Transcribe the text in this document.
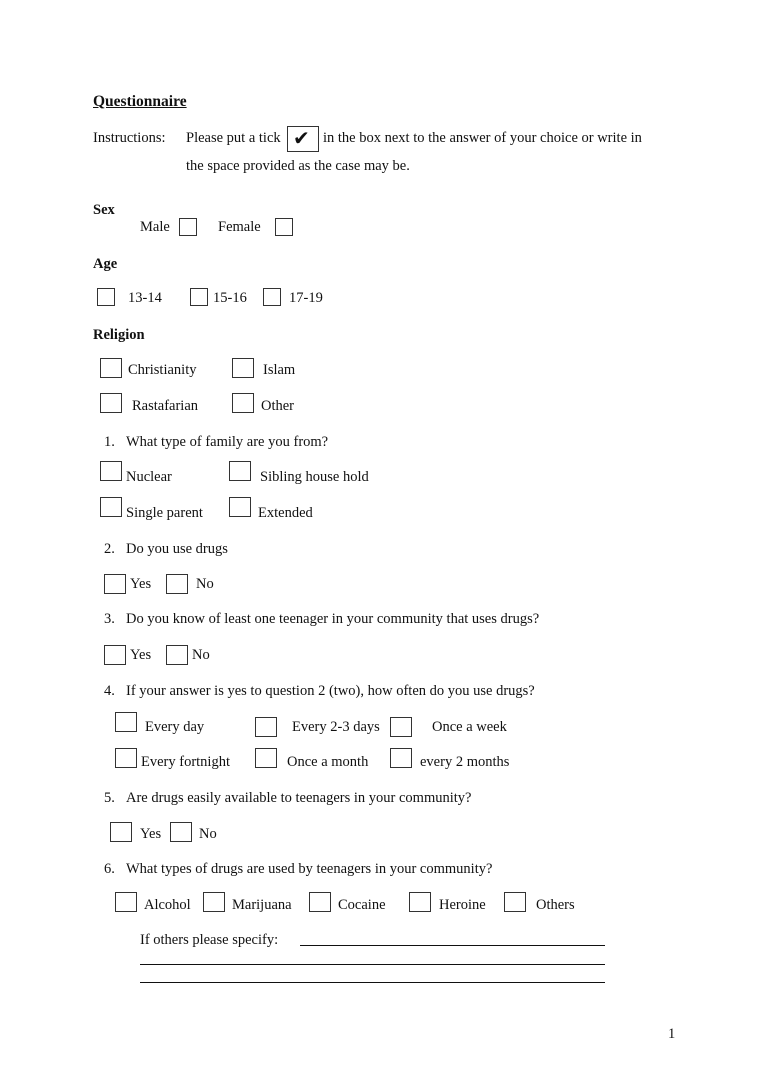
Questionnaire
Instructions: Please put a tick ✔ in the box next to the answer of your choice or write in
the space provided as the case may be.
Sex
Male	Female
Age
13-14	15-16	17-19
Religion
Christianity	Islam
Rastafarian	Other
1. What type of family are you from?
Nuclear	Sibling house hold
Single parent	Extended
2. Do you use drugs
Yes	No
3. Do you know of least one teenager in your community that uses drugs?
Yes	No
4. If your answer is yes to question 2 (two), how often do you use drugs?
Every day	Every 2-3 days	Once a week
Every fortnight	Once a month	every 2 months
5. Are drugs easily available to teenagers in your community?
Yes	No
6. What types of drugs are used by teenagers in your community?
Alcohol	Marijuana	Cocaine	Heroine	Others
If others please specify:
1
